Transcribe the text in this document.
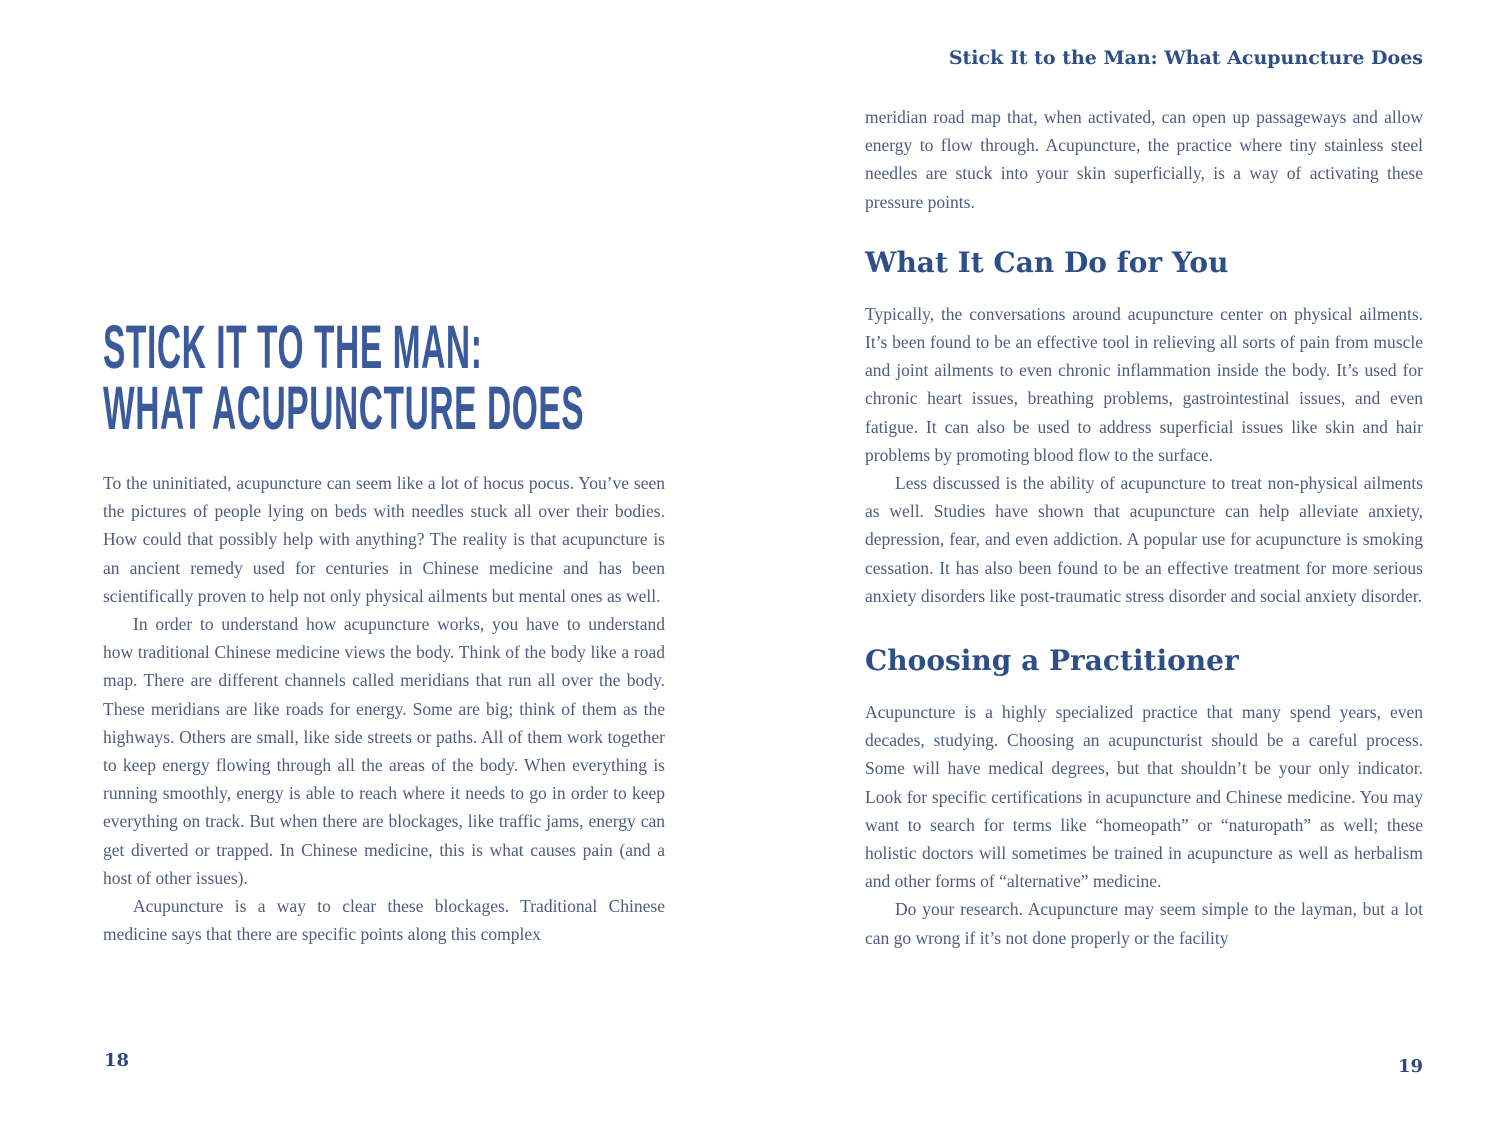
STICK IT TO THE MAN:
WHAT ACUPUNCTURE DOES

To the uninitiated, acupuncture can seem like a lot of hocus pocus. You’ve seen the pictures of people lying on beds with needles stuck all over their bodies. How could that possibly help with anything? The reality is that acupuncture is an ancient remedy used for centuries in Chinese medicine and has been scientifically proven to help not only physical ailments but mental ones as well.

In order to understand how acupuncture works, you have to understand how traditional Chinese medicine views the body. Think of the body like a road map. There are different channels called meridians that run all over the body. These meridians are like roads for energy. Some are big; think of them as the highways. Others are small, like side streets or paths. All of them work together to keep energy flowing through all the areas of the body. When everything is running smoothly, energy is able to reach where it needs to go in order to keep everything on track. But when there are blockages, like traffic jams, energy can get diverted or trapped. In Chinese medicine, this is what causes pain (and a host of other issues).

Acupuncture is a way to clear these blockages. Traditional Chinese medicine says that there are specific points along this complex

Stick It to the Man: What Acupuncture Does

meridian road map that, when activated, can open up passageways and allow energy to flow through. Acupuncture, the practice where tiny stainless steel needles are stuck into your skin superficially, is a way of activating these pressure points.

What It Can Do for You

Typically, the conversations around acupuncture center on physical ailments. It’s been found to be an effective tool in relieving all sorts of pain from muscle and joint ailments to even chronic inflammation inside the body. It’s used for chronic heart issues, breathing problems, gastrointestinal issues, and even fatigue. It can also be used to address superficial issues like skin and hair problems by promoting blood flow to the surface.

Less discussed is the ability of acupuncture to treat non-physical ailments as well. Studies have shown that acupuncture can help alleviate anxiety, depression, fear, and even addiction. A popular use for acupuncture is smoking cessation. It has also been found to be an effective treatment for more serious anxiety disorders like post-traumatic stress disorder and social anxiety disorder.

Choosing a Practitioner

Acupuncture is a highly specialized practice that many spend years, even decades, studying. Choosing an acupuncturist should be a careful process. Some will have medical degrees, but that shouldn’t be your only indicator. Look for specific certifications in acupuncture and Chinese medicine. You may want to search for terms like “homeopath” or “naturopath” as well; these holistic doctors will sometimes be trained in acupuncture as well as herbalism and other forms of “alternative” medicine.

Do your research. Acupuncture may seem simple to the layman, but a lot can go wrong if it’s not done properly or the facility

18	19
